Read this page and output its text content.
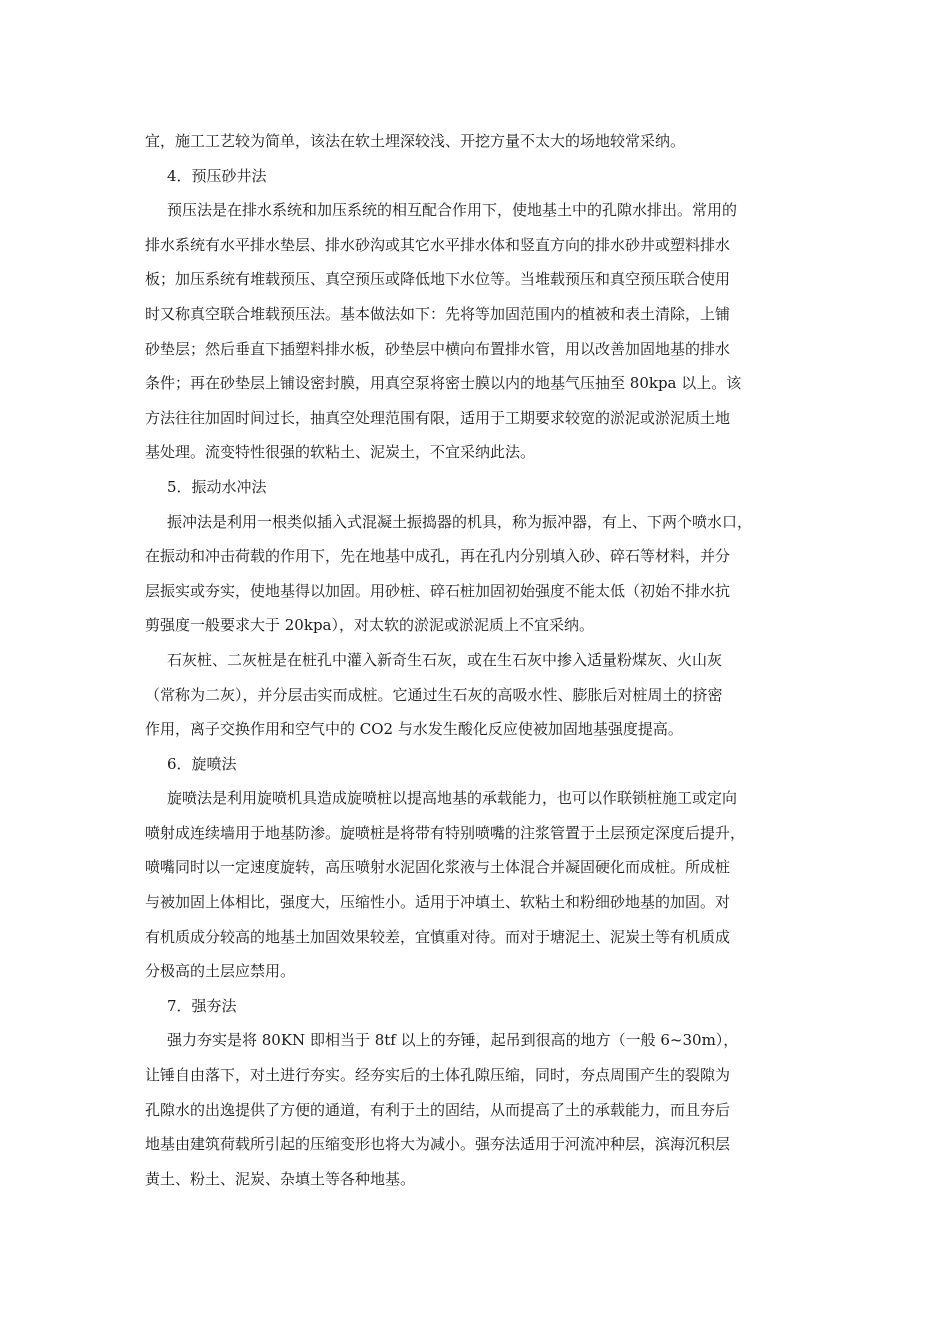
宜，施工工艺较为简单，该法在软土埋深较浅、开挖方量不太大的场地较常采纳。
4．预压砂井法
预压法是在排水系统和加压系统的相互配合作用下，使地基土中的孔隙水排出。常用的
排水系统有水平排水垫层、排水砂沟或其它水平排水体和竖直方向的排水砂井或塑料排水
板；加压系统有堆载预压、真空预压或降低地下水位等。当堆载预压和真空预压联合使用
时又称真空联合堆载预压法。基本做法如下：先将等加固范围内的植被和表土清除，上铺
砂垫层；然后垂直下插塑料排水板，砂垫层中横向布置排水管，用以改善加固地基的排水
条件；再在砂垫层上铺设密封膜，用真空泵将密士膜以内的地基气压抽至 80kpa 以上。该
方法往往加固时间过长，抽真空处理范围有限，适用于工期要求较宽的淤泥或淤泥质土地
基处理。流变特性很强的软粘土、泥炭土，不宜采纳此法。
5．振动水冲法
振冲法是利用一根类似插入式混凝土振捣器的机具，称为振冲器，有上、下两个喷水口，
在振动和冲击荷载的作用下，先在地基中成孔，再在孔内分别填入砂、碎石等材料，并分
层振实或夯实，使地基得以加固。用砂桩、碎石桩加固初始强度不能太低（初始不排水抗
剪强度一般要求大于 20kpa），对太软的淤泥或淤泥质上不宜采纳。
石灰桩、二灰桩是在桩孔中灌入新奇生石灰，或在生石灰中掺入适量粉煤灰、火山灰
（常称为二灰），并分层击实而成桩。它通过生石灰的高吸水性、膨胀后对桩周土的挤密
作用，离子交换作用和空气中的 CO2 与水发生酸化反应使被加固地基强度提高。
6．旋喷法
旋喷法是利用旋喷机具造成旋喷桩以提高地基的承载能力，也可以作联锁桩施工或定向
喷射成连续墙用于地基防渗。旋喷桩是将带有特别喷嘴的注浆管置于土层预定深度后提升，
喷嘴同时以一定速度旋转，高压喷射水泥固化浆液与土体混合并凝固硬化而成桩。所成桩
与被加固上体相比，强度大，压缩性小。适用于冲填土、软粘土和粉细砂地基的加固。对
有机质成分较高的地基土加固效果较差，宜慎重对待。而对于塘泥土、泥炭土等有机质成
分极高的土层应禁用。
7．强夯法
强力夯实是将 80KN 即相当于 8tf 以上的夯锤，起吊到很高的地方（一般 6~30m），
让锤自由落下，对土进行夯实。经夯实后的土体孔隙压缩，同时，夯点周围产生的裂隙为
孔隙水的出逸提供了方便的通道，有利于土的固结，从而提高了土的承载能力，而且夯后
地基由建筑荷载所引起的压缩变形也将大为减小。强夯法适用于河流冲种层，滨海沉积层
黄土、粉土、泥炭、杂填土等各种地基。
